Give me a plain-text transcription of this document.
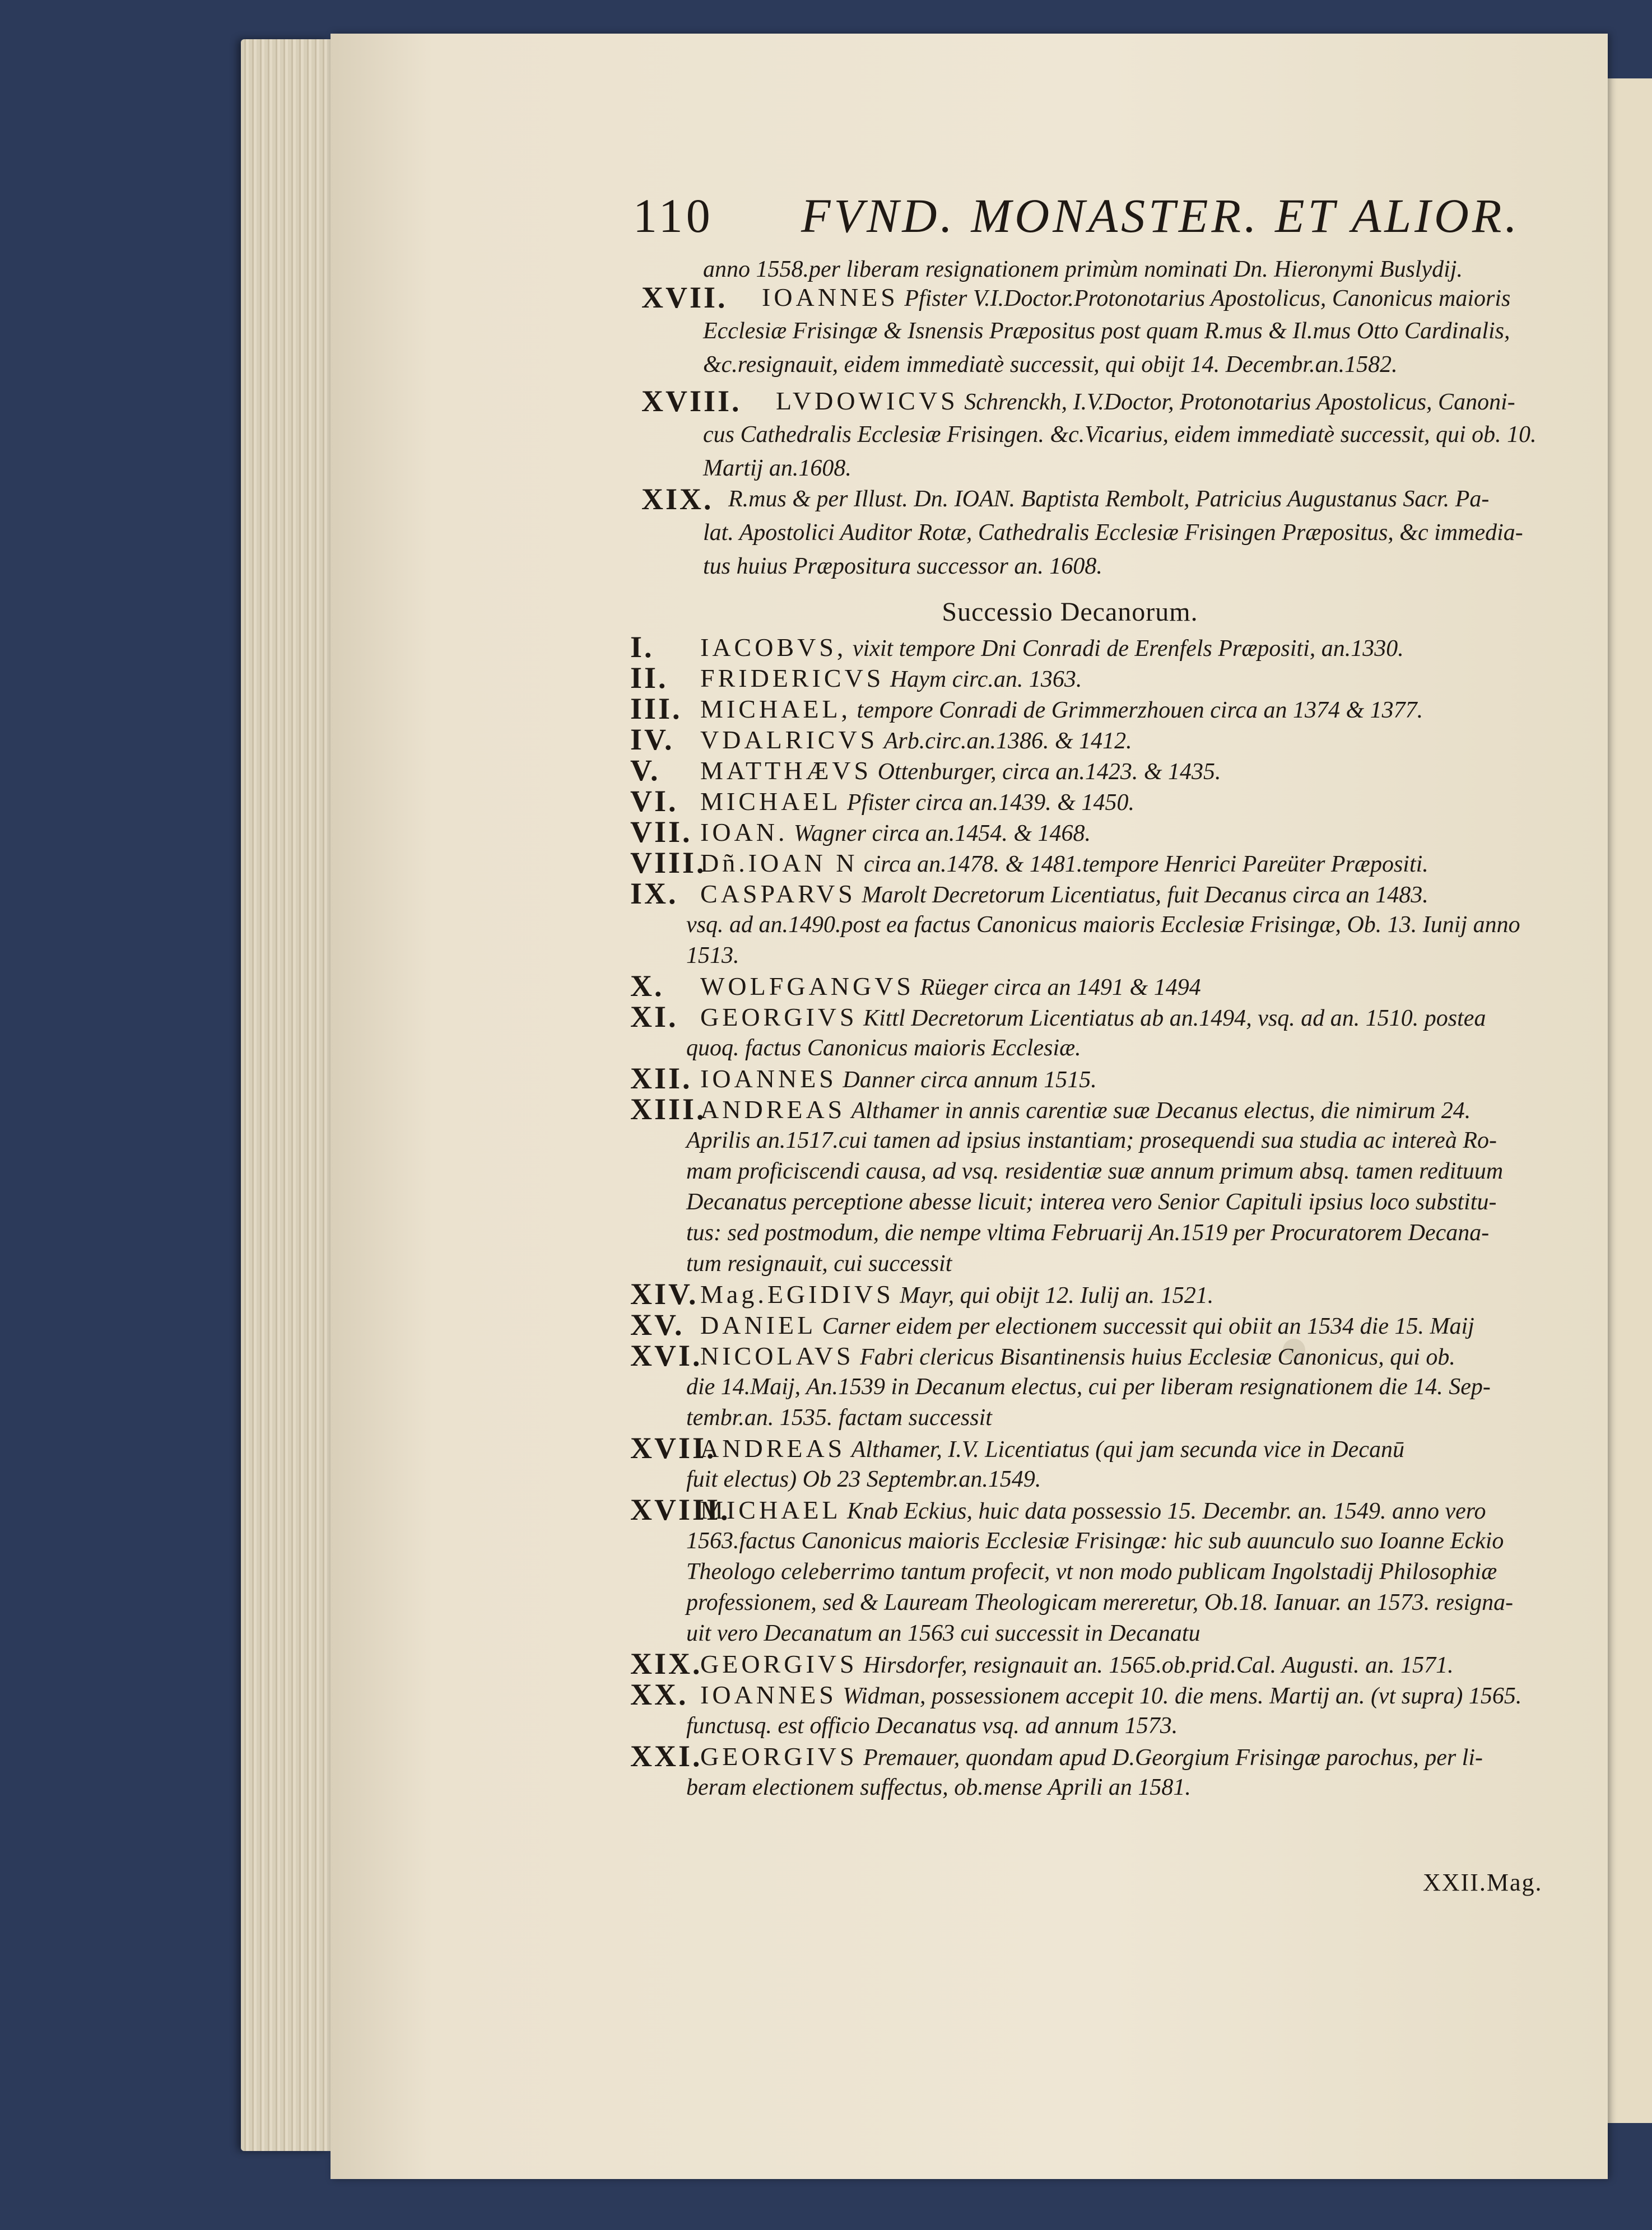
110 FVND. MONASTER. ET ALIOR.
anno 1558.per liberam resignationem primùm nominati Dn. Hieronymi Buslydij.
XVII. IOANNES Pfister V.I.Doctor.Protonotarius Apostolicus, Canonicus maioris
Ecclesiæ Frisingæ & Isnensis Præpositus post quam R.mus & Il.mus Otto Cardinalis,
&c.resignauit, eidem immediatè successit, qui obijt 14. Decembr.an.1582.
XVIII. LVDOWICVS Schrenckh, I.V.Doctor, Protonotarius Apostolicus, Canoni-
cus Cathedralis Ecclesiæ Frisingen. &c.Vicarius, eidem immediatè successit, qui ob. 10.
Martij an.1608.
XIX. R.mus & per Illust. Dn. IOAN. Baptista Rembolt, Patricius Augustanus Sacr. Pa-
lat. Apostolici Auditor Rotæ, Cathedralis Ecclesiæ Frisingen Præpositus, &c immedia-
tus huius Præpositura successor an. 1608.
Successio Decanorum.
I. IACOBVS, vixit tempore Dni Conradi de Erenfels Præpositi, an.1330.
II. FRIDERICVS Haym circ.an. 1363.
III. MICHAEL, tempore Conradi de Grimmerzhouen circa an 1374 & 1377.
IV. VDALRICVS Arb.circ.an.1386. & 1412.
V. MATTHÆVS Ottenburger, circa an.1423. & 1435.
VI. MICHAEL Pfister circa an.1439. & 1450.
VII. IOAN. Wagner circa an.1454. & 1468.
VIII.
Dñ.IOAN N circa an.1478. & 1481.tempore Henrici Pareüter Præpositi.
IX. CASPARVS Marolt Decretorum Licentiatus, fuit Decanus circa an 1483.
vsq. ad an.1490.post ea factus Canonicus maioris Ecclesiæ Frisingæ, Ob. 13. Iunij anno
1513.
X. WOLFGANGVS Rüeger circa an 1491 & 1494
XI. GEORGIVS Kittl Decretorum Licentiatus ab an.1494, vsq. ad an. 1510. postea
quoq. factus Canonicus maioris Ecclesiæ.
XII. IOANNES Danner circa annum 1515.
XIII.
ANDREAS Althamer in annis carentiæ suæ Decanus electus, die nimirum 24.
Aprilis an.1517.cui tamen ad ipsius instantiam; prosequendi sua studia ac intereà Ro-
mam proficiscendi causa, ad vsq. residentiæ suæ annum primum absq. tamen redituum
Decanatus perceptione abesse licuit; interea vero Senior Capituli ipsius loco substitu-
tus: sed postmodum, die nempe vltima Februarij An.1519 per Procuratorem Decana-
tum resignauit, cui successit
XIV. Mag.EGIDIVS Mayr, qui obijt 12. Iulij an. 1521.
XV. DANIEL Carner eidem per electionem successit qui obiit an 1534 die 15. Maij
XVI.
NICOLAVS Fabri clericus Bisantinensis huius Ecclesiæ Canonicus, qui ob.
die 14.Maij, An.1539 in Decanum electus, cui per liberam resignationem die 14. Sep-
tembr.an. 1535. factam successit
XVII.
ANDREAS Althamer, I.V. Licentiatus (qui jam secunda vice in Decanū
fuit electus) Ob 23 Septembr.an.1549.
XVIII.
MICHAEL Knab Eckius, huic data possessio 15. Decembr. an. 1549. anno vero
1563.factus Canonicus maioris Ecclesiæ Frisingæ: hic sub auunculo suo Ioanne Eckio
Theologo celeberrimo tantum profecit, vt non modo publicam Ingolstadij Philosophiæ
professionem, sed & Lauream Theologicam mereretur, Ob.18. Ianuar. an 1573. resigna-
uit vero Decanatum an 1563 cui successit in Decanatu
XIX.
GEORGIVS Hirsdorfer, resignauit an. 1565.ob.prid.Cal. Augusti. an. 1571.
XX. IOANNES Widman, possessionem accepit 10. die mens. Martij an. (vt supra) 1565.
functusq. est officio Decanatus vsq. ad annum 1573.
XXI.
GEORGIVS Premauer, quondam apud D.Georgium Frisingæ parochus, per li-
beram electionem suffectus, ob.mense Aprili an 1581.
XXII.Mag.
